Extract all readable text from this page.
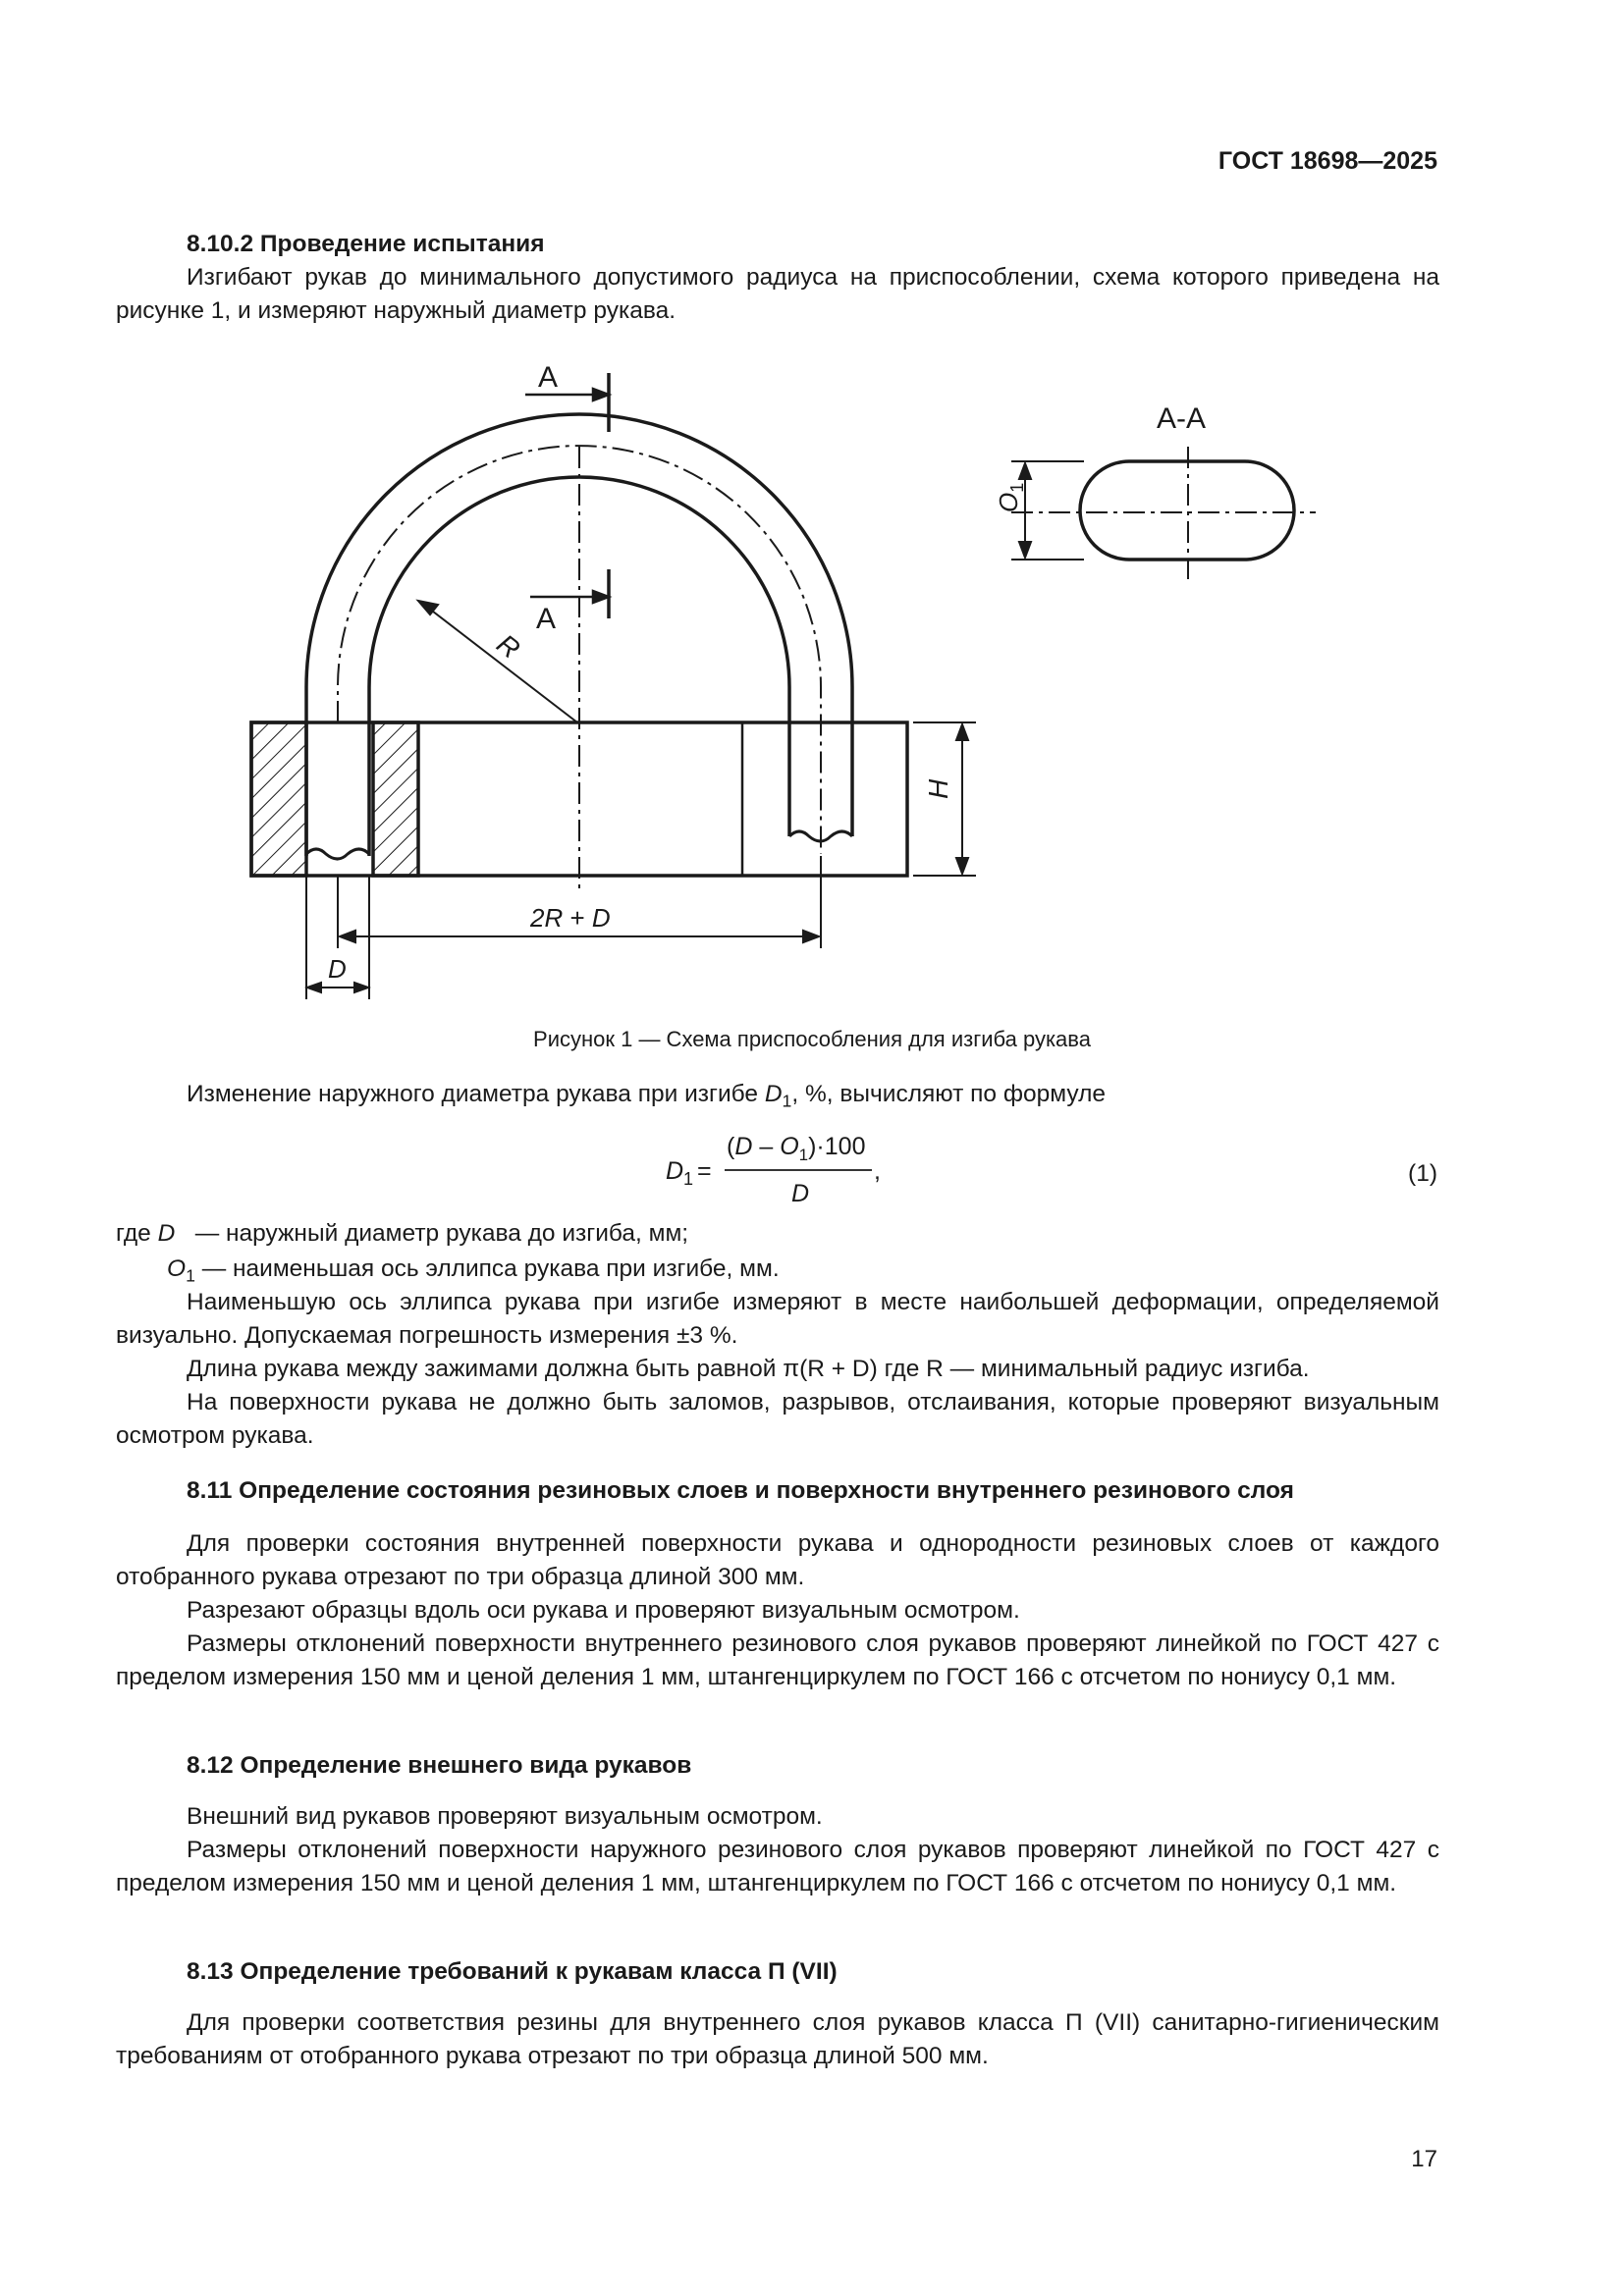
ГОСТ 18698—2025
8.10.2 Проведение испытания
Изгибают рукав до минимального допустимого радиуса на приспособлении, схема которого приведена на рисунке 1, и измеряют наружный диаметр рукава.
А
А
R
H
2R + D
D
А-А
$O_1$
Рисунок 1 — Схема приспособления для изгиба рукава
Изменение наружного диаметра рукава при изгибе $D_1$, %, вычисляют по формуле
D 1 =
$(D - O_1)\cdot 100$
D
,	(1)
где D — наружный диаметр рукава до изгиба, мм;
$O_1$ — наименьшая ось эллипса рукава при изгибе, мм.
Наименьшую ось эллипса рукава при изгибе измеряют в месте наибольшей деформации, определяемой визуально. Допускаемая погрешность измерения ±3 %.
Длина рукава между зажимами должна быть равной π(R + D) где R — минимальный радиус изгиба.
На поверхности рукава не должно быть заломов, разрывов, отслаивания, которые проверяют визуальным осмотром рукава.
8.11 Определение состояния резиновых слоев и поверхности внутреннего резинового слоя
Для проверки состояния внутренней поверхности рукава и однородности резиновых слоев от каждого отобранного рукава отрезают по три образца длиной 300 мм.
Разрезают образцы вдоль оси рукава и проверяют визуальным осмотром.
Размеры отклонений поверхности внутреннего резинового слоя рукавов проверяют линейкой по ГОСТ 427 с пределом измерения 150 мм и ценой деления 1 мм, штангенциркулем по ГОСТ 166 с отсчетом по нониусу 0,1 мм.
8.12 Определение внешнего вида рукавов
Внешний вид рукавов проверяют визуальным осмотром.
Размеры отклонений поверхности наружного резинового слоя рукавов проверяют линейкой по ГОСТ 427 с пределом измерения 150 мм и ценой деления 1 мм, штангенциркулем по ГОСТ 166 с отсчетом по нониусу 0,1 мм.
8.13 Определение требований к рукавам класса П (VII)
Для проверки соответствия резины для внутреннего слоя рукавов класса П (VII) санитарно-гигиеническим требованиям от отобранного рукава отрезают по три образца длиной 500 мм.
17
